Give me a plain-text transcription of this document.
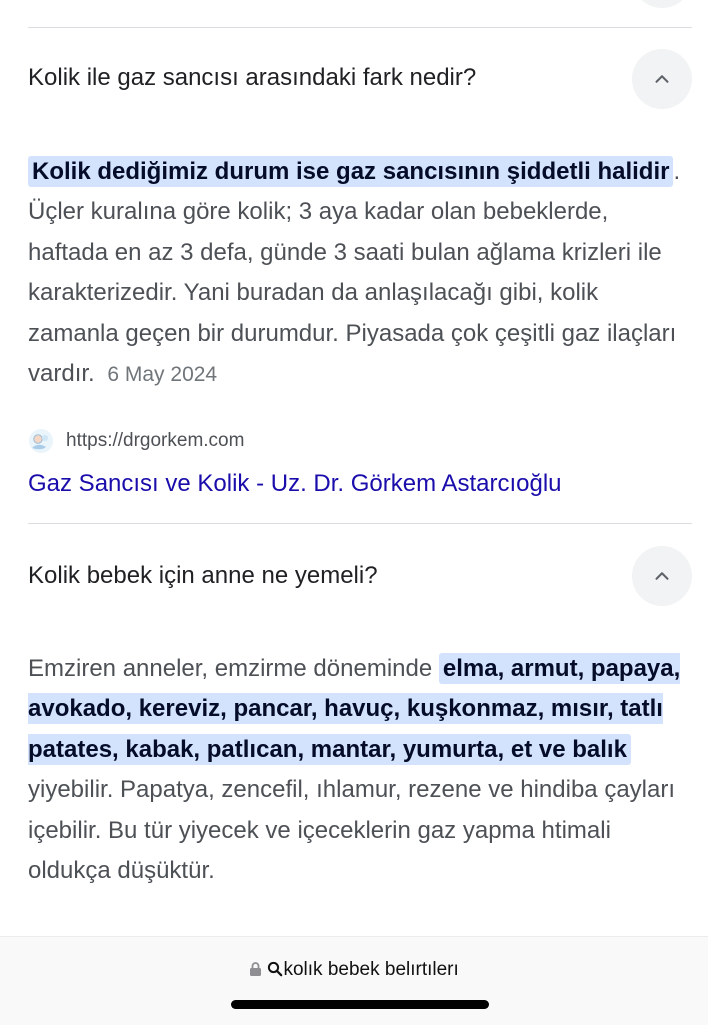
Kolik ile gaz sancısı arasındaki fark nedir?
Kolik dediğimiz durum ise gaz sancısının şiddetli halidir . Üçler kuralına göre kolik; 3 aya kadar olan bebeklerde, haftada en az 3 defa, günde 3 saati bulan ağlama krizleri ile karakterizedir. Yani buradan da anlaşılacağı gibi, kolik zamanla geçen bir durumdur. Piyasada çok çeşitli gaz ilaçları vardır. 6 May 2024
https://drgorkem.com
Gaz Sancısı ve Kolik - Uz. Dr. Görkem Astarcıoğlu
Kolik bebek için anne ne yemeli?
Emziren anneler, emzirme döneminde elma, armut, papaya, avokado, kereviz, pancar, havuç, kuşkonmaz, mısır, tatlı patates, kabak, patlıcan, mantar, yumurta, et ve balık yiyebilir. Papatya, zencefil, ıhlamur, rezene ve hindiba çayları içebilir. Bu tür yiyecek ve içeceklerin gaz yapma htimali oldukça düşüktür.
kolık bebek belırtılerı
